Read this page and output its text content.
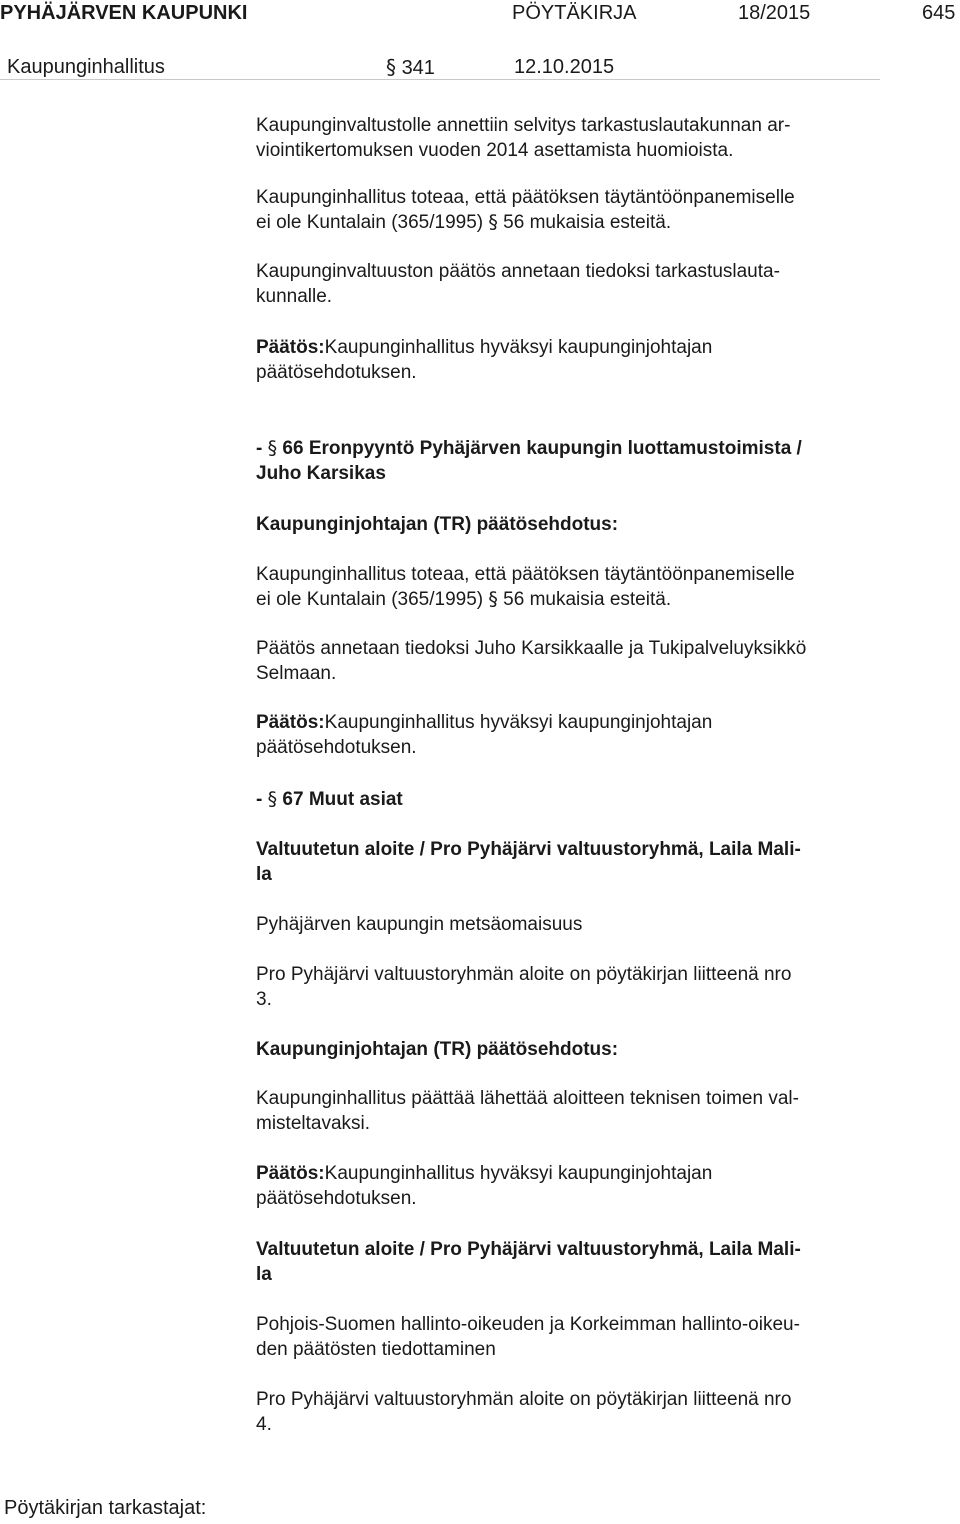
PYHÄJÄRVEN KAUPUNKI	PÖYTÄKIRJA	18/2015	645
Kaupunginhallitus	§ 341	12.10.2015

Kaupunginvaltustolle annettiin selvitys tarkastuslautakunnan ar-

viointikertomuksen vuoden 2014 asettamista huomioista.

Kaupunginhallitus toteaa, että päätöksen täytäntöönpanemiselle

ei ole Kuntalain (365/1995) § 56 mukaisia esteitä.

Kaupunginvaltuuston päätös annetaan tiedoksi tarkastuslauta-

kunnalle.

Päätös:Kaupunginhallitus hyväksyi kaupunginjohtajan

päätösehdotuksen.

- § 66 Eronpyyntö Pyhäjärven kaupungin luottamustoimista /

Juho Karsikas

Kaupunginjohtajan (TR) päätösehdotus:

Kaupunginhallitus toteaa, että päätöksen täytäntöönpanemiselle

ei ole Kuntalain (365/1995) § 56 mukaisia esteitä.

Päätös annetaan tiedoksi Juho Karsikkaalle ja Tukipalveluyksikkö

Selmaan.

Päätös:Kaupunginhallitus hyväksyi kaupunginjohtajan

päätösehdotuksen.

- § 67 Muut asiat

Valtuutetun aloite / Pro Pyhäjärvi valtuustoryhmä, Laila Mali-

la

Pyhäjärven kaupungin metsäomaisuus

Pro Pyhäjärvi valtuustoryhmän aloite on pöytäkirjan liitteenä nro

3.

Kaupunginjohtajan (TR) päätösehdotus:

Kaupunginhallitus päättää lähettää aloitteen teknisen toimen val-

misteltavaksi.

Päätös:Kaupunginhallitus hyväksyi kaupunginjohtajan

päätösehdotuksen.

Valtuutetun aloite / Pro Pyhäjärvi valtuustoryhmä, Laila Mali-

la

Pohjois-Suomen hallinto-oikeuden ja Korkeimman hallinto-oikeu-

den päätösten tiedottaminen

Pro Pyhäjärvi valtuustoryhmän aloite on pöytäkirjan liitteenä nro

4.

Pöytäkirjan tarkastajat:
